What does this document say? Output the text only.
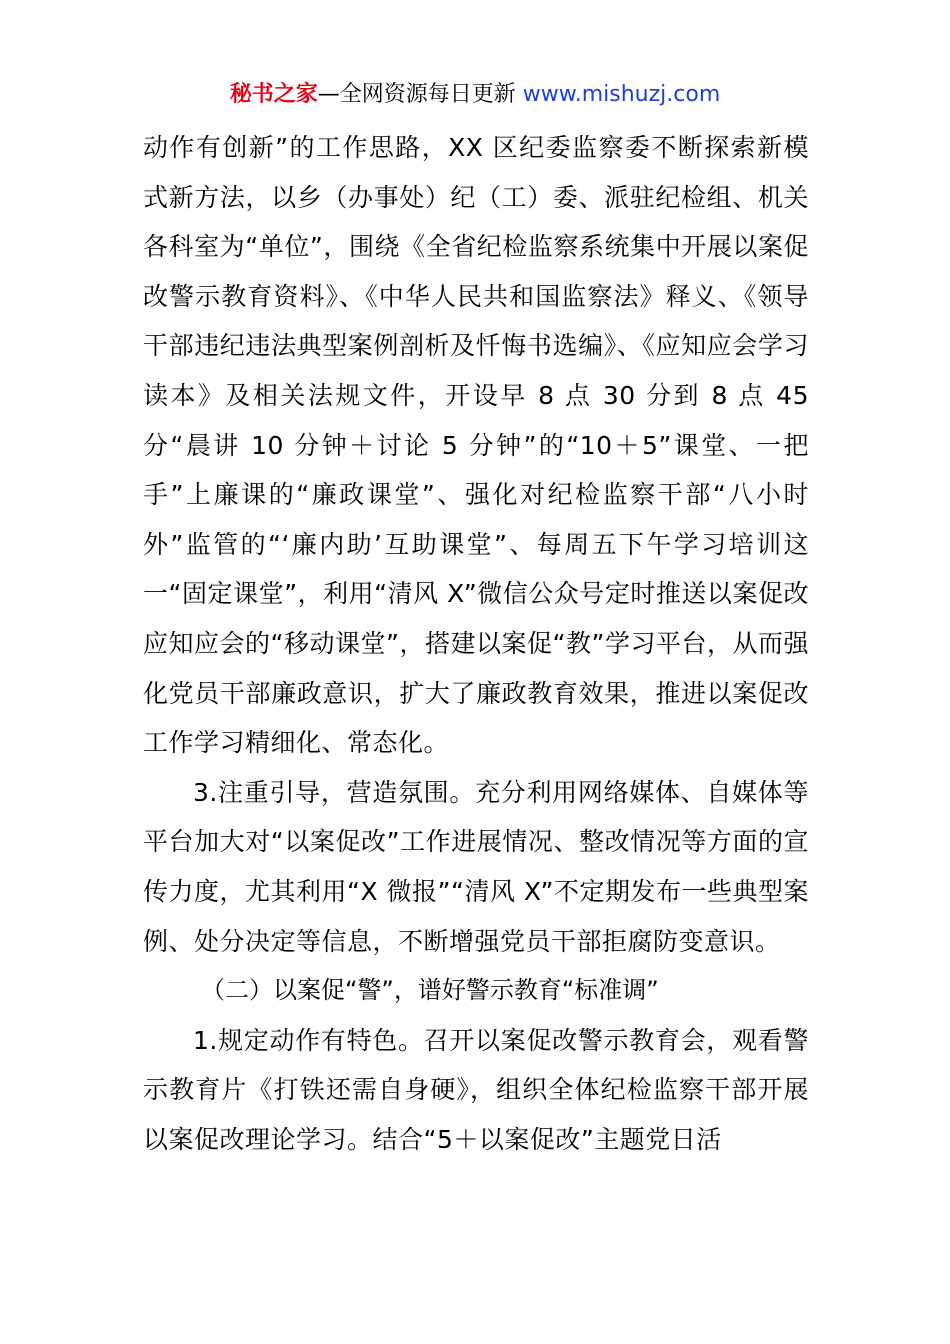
秘书之家—全网资源每日更新 www.mishuzj.com

动作有创新”的工作思路，XX 区纪委监察委不断探索新模式新方法，以乡（办事处）纪（工）委、派驻纪检组、机关各科室为“单位”，围绕《全省纪检监察系统集中开展以案促改警示教育资料》、《中华人民共和国监察法》释义、《领导干部违纪违法典型案例剖析及忏悔书选编》、《应知应会学习读本》及相关法规文件，开设早 8 点 30 分到 8 点 45 分“晨讲 10 分钟＋讨论 5 分钟”的“10＋5”课堂、一把手”上廉课的“廉政课堂”、强化对纪检监察干部“八小时外”监管的“‘廉内助’互助课堂”、每周五下午学习培训这一“固定课堂”，利用“清风 X”微信公众号定时推送以案促改应知应会的“移动课堂”，搭建以案促“教”学习平台，从而强化党员干部廉政意识，扩大了廉政教育效果，推进以案促改工作学习精细化、常态化。

3.注重引导，营造氛围。充分利用网络媒体、自媒体等平台加大对“以案促改”工作进展情况、整改情况等方面的宣传力度，尤其利用“X 微报”“清风 X”不定期发布一些典型案例、处分决定等信息，不断增强党员干部拒腐防变意识。

（二）以案促“警”，谱好警示教育“标准调”

1.规定动作有特色。召开以案促改警示教育会，观看警示教育片《打铁还需自身硬》，组织全体纪检监察干部开展以案促改理论学习。结合“5＋以案促改”主题党日活
